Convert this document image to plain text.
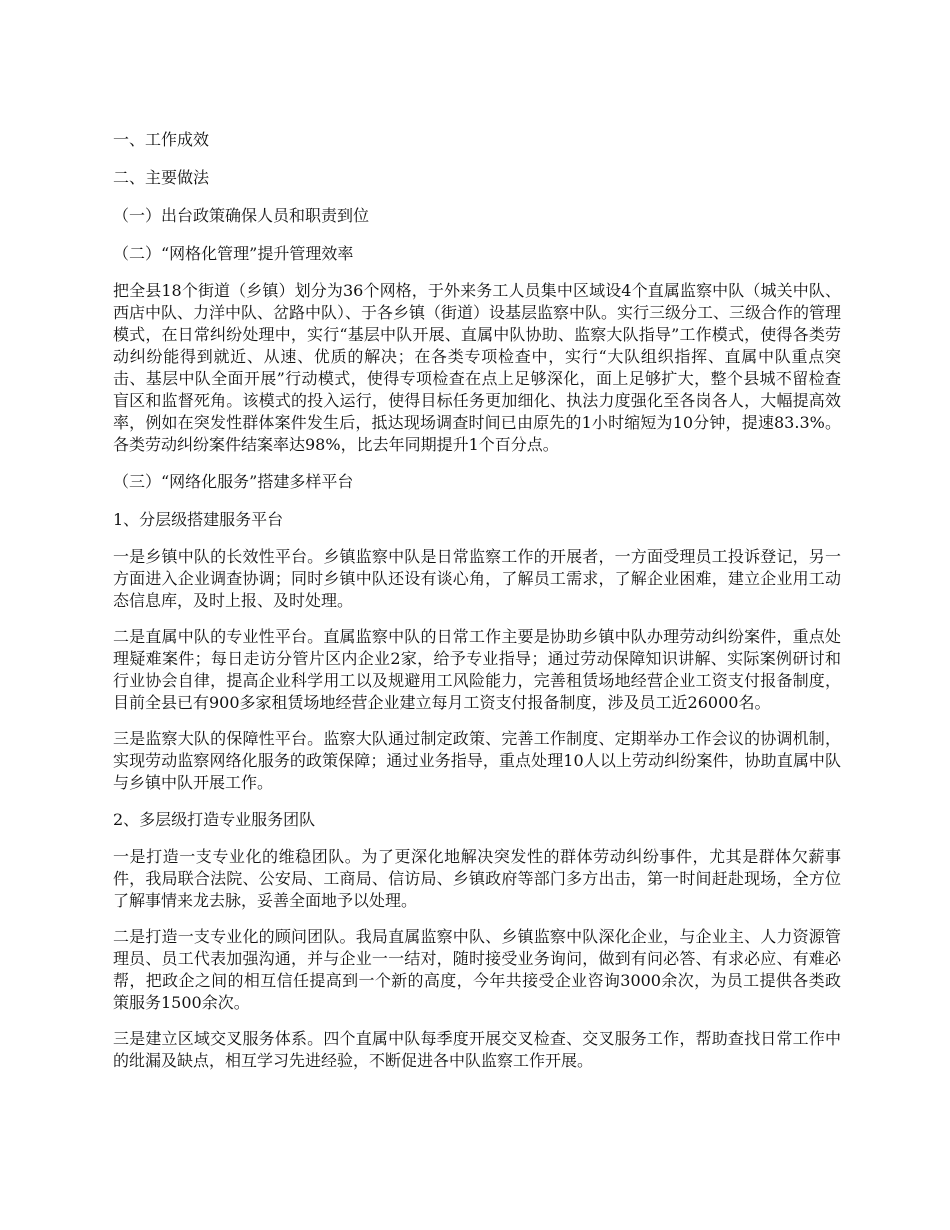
一、工作成效
二、主要做法
（一）出台政策确保人员和职责到位
（二）“网格化管理”提升管理效率

把全县18个街道（乡镇）划分为36个网格，于外来务工人员集中区域设4个直属监察中队（城关中队、西店中队、力洋中队、岔路中队）、于各乡镇（街道）设基层监察中队。实行三级分工、三级合作的管理模式，在日常纠纷处理中，实行“基层中队开展、直属中队协助、监察大队指导”工作模式，使得各类劳动纠纷能得到就近、从速、优质的解决；在各类专项检查中，实行“大队组织指挥、直属中队重点突击、基层中队全面开展”行动模式，使得专项检查在点上足够深化，面上足够扩大，整个县城不留检查盲区和监督死角。该模式的投入运行，使得目标任务更加细化、执法力度强化至各岗各人，大幅提高效率，例如在突发性群体案件发生后，抵达现场调查时间已由原先的1小时缩短为10分钟，提速83.3%。各类劳动纠纷案件结案率达98%，比去年同期提升1个百分点。

（三）“网络化服务”搭建多样平台
1、分层级搭建服务平台

一是乡镇中队的长效性平台。乡镇监察中队是日常监察工作的开展者，一方面受理员工投诉登记，另一方面进入企业调查协调；同时乡镇中队还设有谈心角，了解员工需求，了解企业困难，建立企业用工动态信息库，及时上报、及时处理。

二是直属中队的专业性平台。直属监察中队的日常工作主要是协助乡镇中队办理劳动纠纷案件，重点处理疑难案件；每日走访分管片区内企业2家，给予专业指导；通过劳动保障知识讲解、实际案例研讨和行业协会自律，提高企业科学用工以及规避用工风险能力，完善租赁场地经营企业工资支付报备制度，目前全县已有900多家租赁场地经营企业建立每月工资支付报备制度，涉及员工近26000名。

三是监察大队的保障性平台。监察大队通过制定政策、完善工作制度、定期举办工作会议的协调机制，实现劳动监察网络化服务的政策保障；通过业务指导，重点处理10人以上劳动纠纷案件，协助直属中队与乡镇中队开展工作。

2、多层级打造专业服务团队

一是打造一支专业化的维稳团队。为了更深化地解决突发性的群体劳动纠纷事件，尤其是群体欠薪事件，我局联合法院、公安局、工商局、信访局、乡镇政府等部门多方出击，第一时间赶赴现场，全方位了解事情来龙去脉，妥善全面地予以处理。

二是打造一支专业化的顾问团队。我局直属监察中队、乡镇监察中队深化企业，与企业主、人力资源管理员、员工代表加强沟通，并与企业一一结对，随时接受业务询问，做到有问必答、有求必应、有难必帮，把政企之间的相互信任提高到一个新的高度，今年共接受企业咨询3000余次，为员工提供各类政策服务1500余次。

三是建立区域交叉服务体系。四个直属中队每季度开展交叉检查、交叉服务工作，帮助查找日常工作中的纰漏及缺点，相互学习先进经验，不断促进各中队监察工作开展。
